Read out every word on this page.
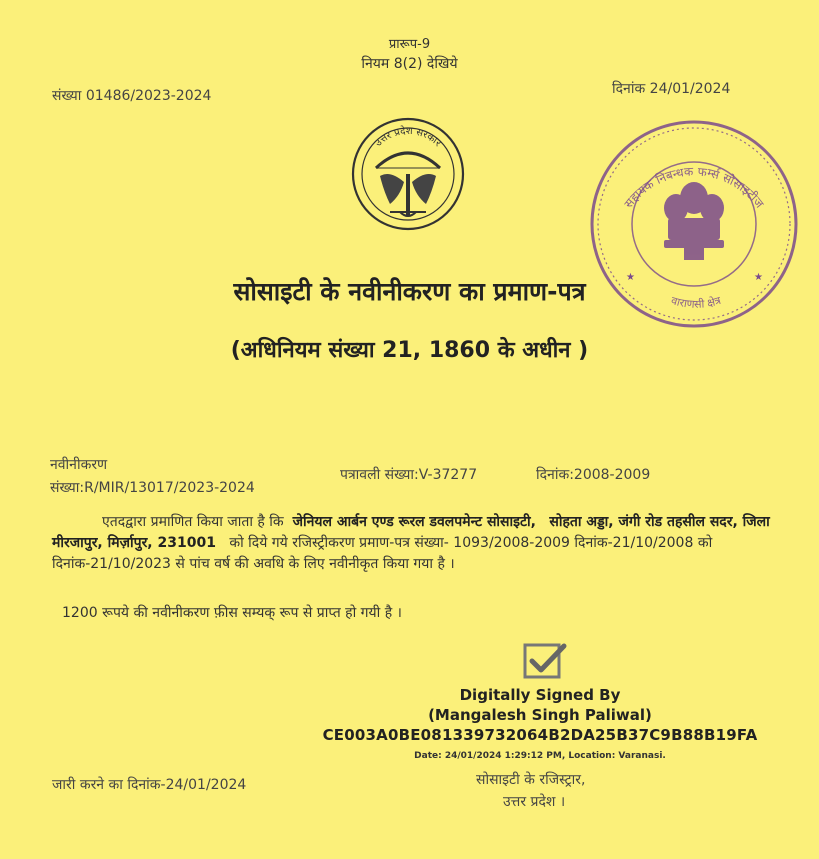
प्रारूप-9
नियम 8(2) देखिये
संख्या 01486/2023-2024	दिनांक 24/01/2024
उत्तर प्रदेश सरकार
सहायक निबन्धक फर्म्स सोसाइटीज
वाराणसी क्षेत्र
★	★
सोसाइटी के नवीनीकरण का प्रमाण-पत्र
(अधिनियम संख्या 21, 1860 के अधीन )
नवीनीकरण
संख्या:R/MIR/13017/2023-2024
पत्रावली संख्या:V-37277	दिनांक:2008-2009
एतदद्वारा प्रमाणित किया जाता है कि जेनियल आर्बन एण्ड रूरल डवलपमेन्ट सोसाइटी, सोहता अड्डा, जंगी रोड तहसील सदर, जिला मीरजापुर, मिर्ज़ापुर, 231001 को दिये गये रजिस्ट्रीकरण प्रमाण-पत्र संख्या- 1093/2008-2009 दिनांक-21/10/2008 को दिनांक-21/10/2023 से पांच वर्ष की अवधि के लिए नवीनीकृत किया गया है ।
1200 रूपये की नवीनीकरण फ़ीस सम्यक् रूप से प्राप्त हो गयी है ।
Digitally Signed By
(Mangalesh Singh Paliwal)
CE003A0BE081339732064B2DA25B37C9B88B19FA
Date: 24/01/2024 1:29:12 PM, Location: Varanasi.
जारी करने का दिनांक-24/01/2024	सोसाइटी के रजिस्ट्रार,
उत्तर प्रदेश ।
